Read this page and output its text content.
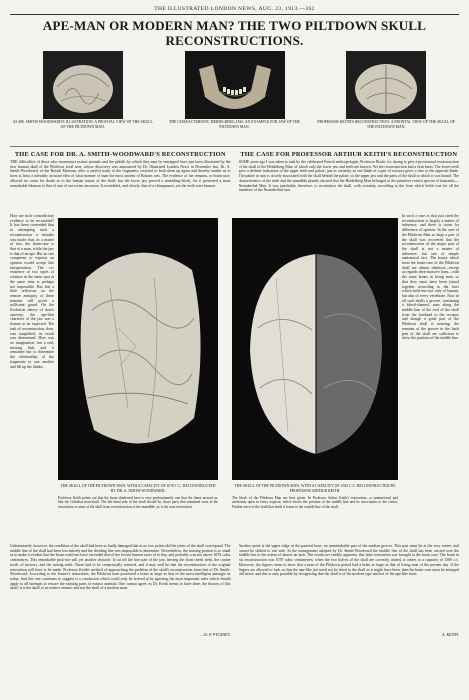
THE ILLUSTRATED LONDON NEWS, AUG. 23, 1913.—262
APE-MAN OR MODERN MAN? THE TWO PILTDOWN SKULL RECONSTRUCTIONS.
AS DR. SMITH-WOODWARD'S ILLUSTRATION: A FRONTAL VIEW OF THE SKULL OF THE PILTDOWN MAN.
THE CHARACTERISTIC HEIDELBERG JAW: AN EXAMPLE FOR JAW OF THE PILTDOWN MAN.
PROFESSOR KEITH'S RECONSTRUCTION: A FRONTAL VIEW OF THE SKULL OF THE PILTDOWN MAN.
THE CASE FOR DR. A. SMITH-WOODWARD'S RECONSTRUCTION	THE CASE FOR PROFESSOR ARTHUR KEITH'S RECONSTRUCTION
THE difficulties of those who reconstruct extinct animals and the pitfalls by which they may be entrapped have just been illustrated by the new human skull of the Piltdown local area, whose discovery was announced by Dr. Illustrated London News in December last. Dr. A. Smith-Woodward, of the British Museum, after a careful study of the fragments, restored or built them up again and thereby enable us to form at least a tolerably accurate idea of what manner of man the most ancient of Britons was. The evidence of the remains, or brain-case, allowed no cause for doubt as to the human nature of the skull; but the lower jaw proved a stumbling-block, for it presented a most remarkable likeness to that of one of our recent ancestors. It resembled, and closely, that of a chimpanzee; yet the teeth were human.
SOME years ago I was taken to task by the celebrated French anthropologist, Professor Boule, for daring to give a provisional reconstruction of the skull of the Heidelberg Man, of which only the lower jaw and teeth are known. Yet the reconstruction had a firm basis. The lower teeth gave a definite indication of the upper teeth and palate, just as certainly as one blade of a pair of scissors gives a clue to the opposite blade. The palate in turn is closely associated with the skull behind the palate, so the upper jaw and the parts of the skull to which it was bound. The characteristics of the teeth and the mandible plainly showed that the Heidelberg Man belonged to the primitive extinct species of humanity—Neanderthal Man. It was justifiable, therefore, to reconstruct the skull, with certainty, according to the form which holds true for all the members of the Neanderthal race.
How are such contradictory evidence to be reconciled? It has been contended that in attempting such a reconstruction a mistake was made; that, as a matter of fact, the brain-case is that of a man, while the jaw is that of an ape. But no one competent to express an opinion would accept this interpretation. The co-existence of two types of creature in the same spot at the same time is perhaps not impossible. But this a little reflection on the remote antiquity of these remains will prove a sufficient guard. On the Evolution theory of man's ancestry, the ape-like character of the jaw was a feature to be expected. The task of reconstruction, then, was simplified; its result was determined. Here was no imagination; but a real, missing link, and it remained but to determine the relationship of the fragments to one another and fill up the blanks.
In such a case as that just cited the reconstruction is largely a matter of inference, and there is room for difference of opinion. In the case of the Piltdown Man so large a part of the skull was recovered that the reconstruction of the major part of the skull is not a matter of inference, but one of simple anatomical fact. The bones which form the brain-case of the Piltdown skull are almost identical—except as regards their massive form—with the same bones in living man, so that they must have been joined together according to the laws which hold true not only of human, but also of every vertebrate. Now in all such skulls a groove, containing a blood-channel, runs along the middle line of the roof of the skull from the forehead to the occiput; and though a great part of the Piltdown skull is missing, the remains of the groove in the back part of the skull are sufficient to show the position of the middle line.
THE SKULL OF THE PILTDOWN MAN: WITH A CAPACITY OF 1070 C.C. RECONSTRUCTED BY DR. A. SMITH-WOODWARD.
Professor Keith points out that the brain shadowed here is very predominantly one that the finest around us, like the Gibraltar man-skull. The left-hand side of the skull should be, those parts that remained were in the restoration or arms of the skull from reconstruction of the mandible, as is his own restoration.
THE SKULL OF THE PILTDOWN MAN: WITH A CAPACITY OF 1500 C.C. RECONSTRUCTED BY PROFESSOR ARTHUR KEITH.
The black of the Piltdown Man are here given. In Professor Arthur Keith's restoration—a symmetrical and uniformly open in every tropical, which shows the position of the middle line and its association to the centre; Further trace of the skull that leads it forms to the outside line of the skull.
Unfortunately, however, the condition of the skull had been so badly damaged that at no two points did the joints of the skull correspond. The middle line of the skull had been lost entirely and the dividing line was impossible to determine. Nevertheless, the missing portion is so small as to make it evident that the brain could not have exceeded that of the lowest human races of to-day, and probably was not above 1070 cubic centimetres. This remarkable pick-axe still yet another obstacle. It cut off the fore part of the jaw, leaving the front cheek teeth, the canine tooth, of incisors, and the cutting teeth. These had to be conjecturally restored, and it may well be that the reconstruction of the original restoration will have to be made. Professor Keith's method of approaching the problem of the skull's reconstruction from that of Dr. Smith-Woodward. According to the former's restoration, the Piltdown man possessed a brain as large as that of the most intelligent amongst us today. And this one continues to suggest is a conclusion which could only be arrived at by ignoring the most important rules which should apply to all attempts to restore the missing parts of extinct animals. One cannot agree, as Dr. Keith seems to have done, the history of this skull; it is the skull of an extinct animal, and not the skull of a modern man.
—W. P. PYCRAFT.
Another point is the upper ridge of the parietal bone, an unmistakable part of the median groove. This part must lie at the very centre, and cannot be shifted to one side. In the arrangement adopted by Dr. Smith-Woodward the middle line of the skull has been carried over the middle line to the extent of almost an inch. The results are readily apparent, this false restoration was brought to the brain case. The brain in his reconstruction was 1070 cubic centimetres; when the two halves of the skull are correctly united, it comes to a capacity of 1500 c.c. Moreover, the figures seem to show that a man of the Piltdown period had a brain as large as that of living man of the present day. If the fingers are allowed to lurk, so that the ape-like jaw need not be fitted to the skull as it might have been, then the brain-case must be enlarged still more; and this is only possible by recognising that the skull is of the modern type and not of the ape-like form.
A. KEITH.
